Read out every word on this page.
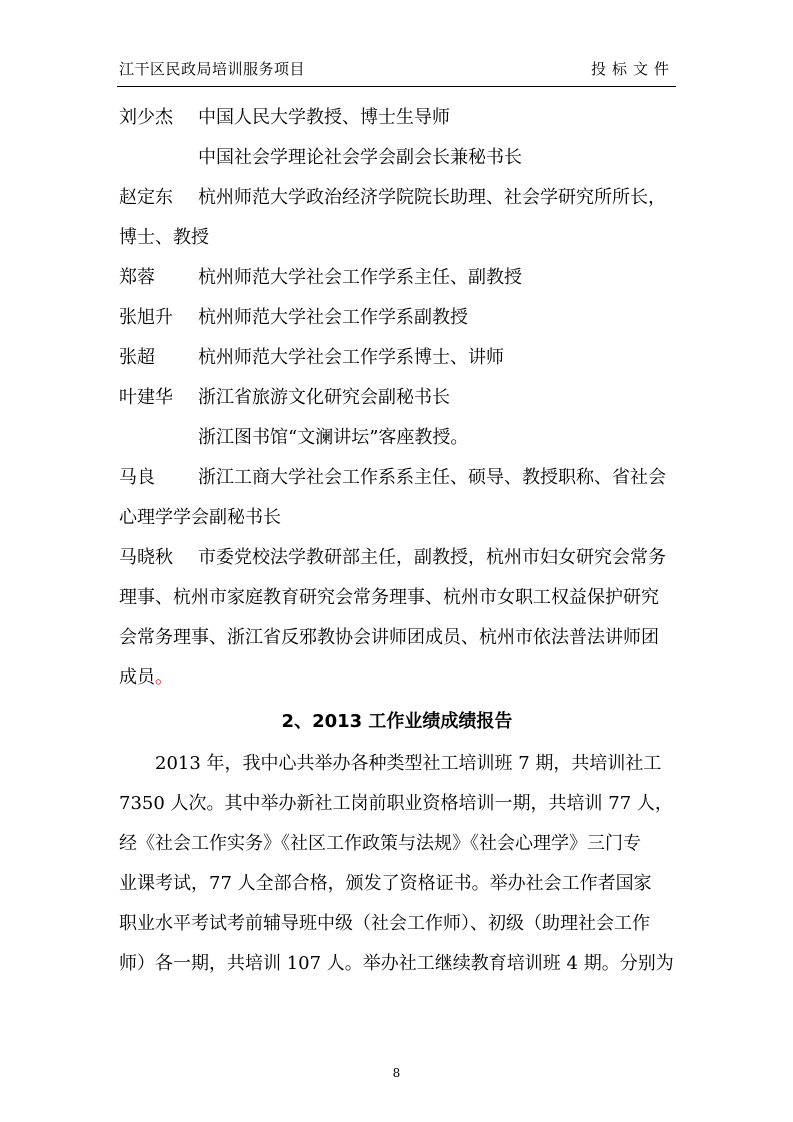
江干区民政局培训服务项目	投标文件
刘少杰	中国人民大学教授、博士生导师
中国社会学理论社会学会副会长兼秘书长
赵定东	杭州师范大学政治经济学院院长助理、社会学研究所所长，
博士、教授
郑蓉	杭州师范大学社会工作学系主任、副教授
张旭升	杭州师范大学社会工作学系副教授
张超	杭州师范大学社会工作学系博士、讲师
叶建华	浙江省旅游文化研究会副秘书长
浙江图书馆“文澜讲坛”客座教授。
马良	浙江工商大学社会工作系系主任、硕导、教授职称、省社会
心理学学会副秘书长
马晓秋	市委党校法学教研部主任，副教授，杭州市妇女研究会常务
理事、杭州市家庭教育研究会常务理事、杭州市女职工权益保护研究
会常务理事、浙江省反邪教协会讲师团成员、杭州市依法普法讲师团
成员。
2、2013 工作业绩成绩报告
2013 年，我中心共举办各种类型社工培训班 7 期，共培训社工
7350 人次。其中举办新社工岗前职业资格培训一期，共培训 77 人，
经《社会工作实务》《社区工作政策与法规》《社会心理学》三门专
业课考试，77 人全部合格，颁发了资格证书。举办社会工作者国家
职业水平考试考前辅导班中级（社会工作师）、初级（助理社会工作
师）各一期，共培训 107 人。举办社工继续教育培训班 4 期。分别为
8
